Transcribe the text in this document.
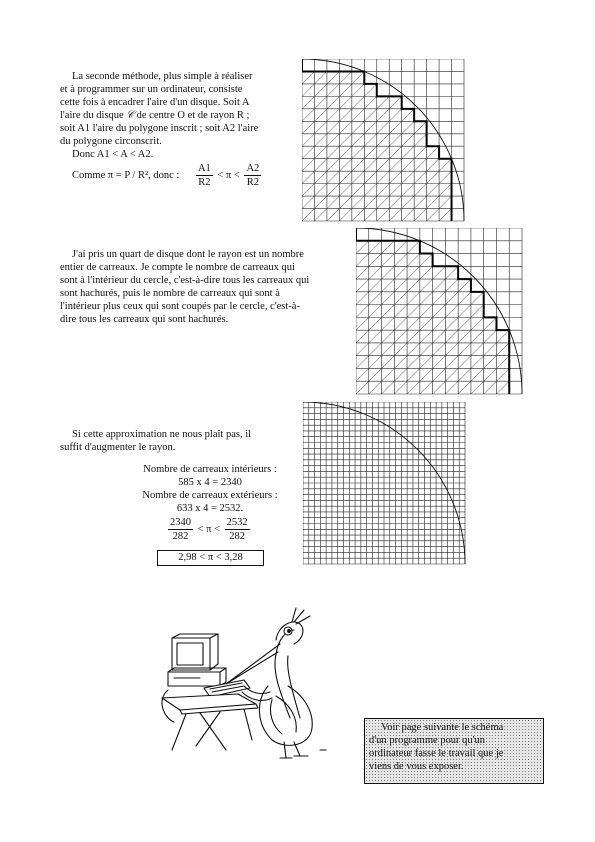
La seconde méthode, plus simple à réaliser
et à programmer sur un ordinateur, consiste
cette fois à encadrer l'aire d'un disque. Soit A
l'aire du disque 𝒞 de centre O et de rayon R ;
soit A1 l'aire du polygone inscrit ; soit A2 l'aire
du polygone circonscrit.
Donc A1 < A < A2.
Comme π = P / R², donc : $\frac{A1}{R2} < \pi < \frac{A2}{R2}$
J'ai pris un quart de disque dont le rayon est un nombre
entier de carreaux. Je compte le nombre de carreaux qui
sont à l'intérieur du cercle, c'est-à-dire tous les carreaux qui
sont hachurés, puis le nombre de carreaux qui sont à
l'intérieur plus ceux qui sont coupés par le cercle, c'est-à-
dire tous les carreaux qui sont hachurés.
Si cette approximation ne nous plaît pas, il
suffit d'augmenter le rayon.
Nombre de carreaux intérieurs :
585 x 4 = 2340
Nombre de carreaux extérieurs :
633 x 4 = 2532.
$\frac{2340}{282} < \pi < \frac{2532}{282}$
2,98 < π < 3,28
Voir page suivante le schéma
d'un programme pour qu'un
ordinateur fasse le travail que je
viens de vous exposer.
